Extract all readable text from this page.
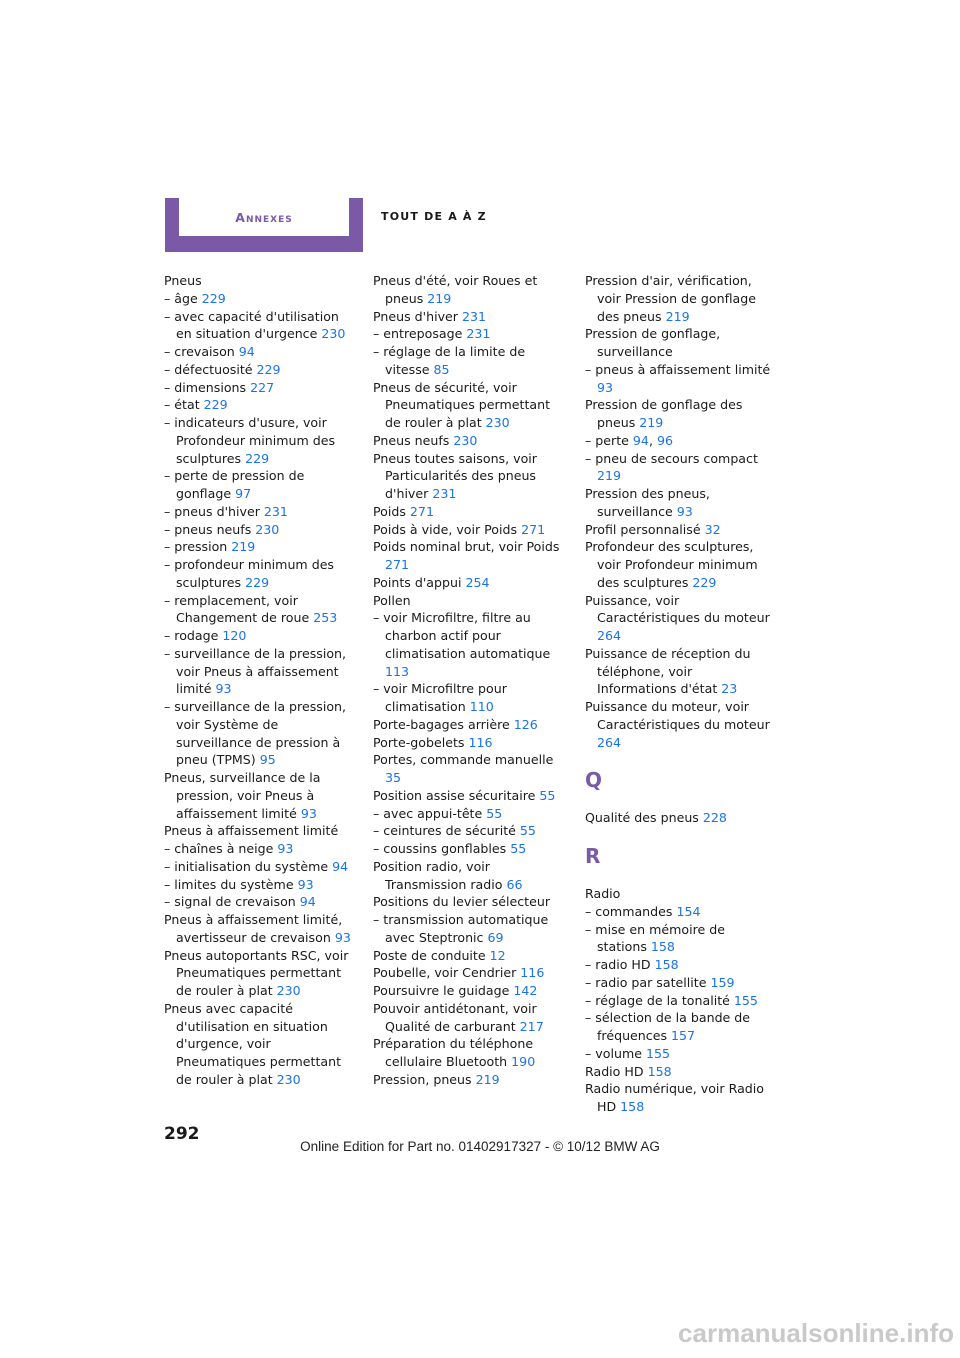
Annexes	TOUT DE A À Z
Pneus
– âge 229
– avec capacité d'utilisation en situation d'urgence 230
– crevaison 94
– défectuosité 229
– dimensions 227
– état 229
– indicateurs d'usure, voir Profondeur minimum des sculptures 229
– perte de pression de gonflage 97
– pneus d'hiver 231
– pneus neufs 230
– pression 219
– profondeur minimum des sculptures 229
– remplacement, voir Changement de roue 253
– rodage 120
– surveillance de la pression, voir Pneus à affaissement limité 93
– surveillance de la pression, voir Système de surveillance de pression à pneu (TPMS) 95
Pneus, surveillance de la pression, voir Pneus à affaissement limité 93
Pneus à affaissement limité
– chaînes à neige 93
– initialisation du système 94
– limites du système 93
– signal de crevaison 94
Pneus à affaissement limité, avertisseur de crevaison 93
Pneus autoportants RSC, voir Pneumatiques permettant de rouler à plat 230
Pneus avec capacité d'utilisation en situation d'urgence, voir Pneumatiques permettant de rouler à plat 230
Pneus d'été, voir Roues et pneus 219
Pneus d'hiver 231
– entreposage 231
– réglage de la limite de vitesse 85
Pneus de sécurité, voir Pneumatiques permettant de rouler à plat 230
Pneus neufs 230
Pneus toutes saisons, voir Particularités des pneus d'hiver 231
Poids 271
Poids à vide, voir Poids 271
Poids nominal brut, voir Poids 271
Points d'appui 254
Pollen
– voir Microfiltre, filtre au charbon actif pour climatisation automatique 113
– voir Microfiltre pour climatisation 110
Porte-bagages arrière 126
Porte-gobelets 116
Portes, commande manuelle 35
Position assise sécuritaire 55
– avec appui-tête 55
– ceintures de sécurité 55
– coussins gonflables 55
Position radio, voir Transmission radio 66
Positions du levier sélecteur
– transmission automatique avec Steptronic 69
Poste de conduite 12
Poubelle, voir Cendrier 116
Poursuivre le guidage 142
Pouvoir antidétonant, voir Qualité de carburant 217
Préparation du téléphone cellulaire Bluetooth 190
Pression, pneus 219
Pression d'air, vérification, voir Pression de gonflage des pneus 219
Pression de gonflage, surveillance
– pneus à affaissement limité 93
Pression de gonflage des pneus 219
– perte 94, 96
– pneu de secours compact 219
Pression des pneus, surveillance 93
Profil personnalisé 32
Profondeur des sculptures, voir Profondeur minimum des sculptures 229
Puissance, voir Caractéristiques du moteur 264
Puissance de réception du téléphone, voir Informations d'état 23
Puissance du moteur, voir Caractéristiques du moteur 264
Q
Qualité des pneus 228
R
Radio
– commandes 154
– mise en mémoire de stations 158
– radio HD 158
– radio par satellite 159
– réglage de la tonalité 155
– sélection de la bande de fréquences 157
– volume 155
Radio HD 158
Radio numérique, voir Radio HD 158
292
Online Edition for Part no. 01402917327 - © 10/12 BMW AG
carmanualsonline.info
